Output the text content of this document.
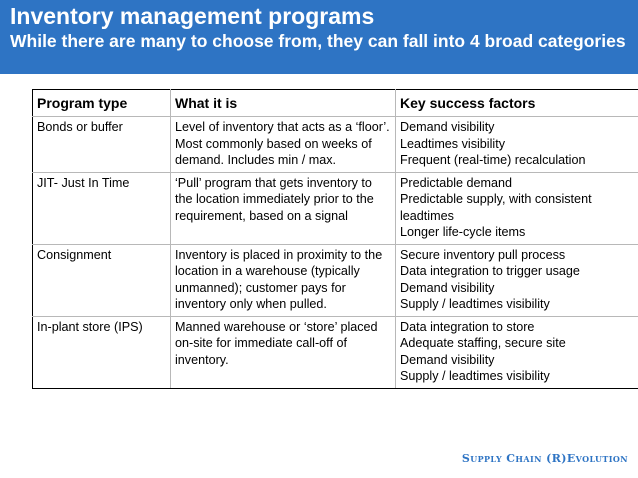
Inventory management programs
While there are many to choose from, they can fall into 4 broad categories
Program type	What it is	Key success factors
Bonds or buffer	Level of inventory that acts as a ‘floor’. Most commonly based on weeks of demand. Includes min / max.	Demand visibility
Leadtimes visibility
Frequent (real-time) recalculation

JIT- Just In Time	‘Pull’ program that gets inventory to the location immediately prior to the requirement, based on a signal	Predictable demand
Predictable supply, with consistent leadtimes
Longer life-cycle items

Consignment	Inventory is placed in proximity to the location in a warehouse (typically unmanned); customer pays for inventory only when pulled.	Secure inventory pull process
Data integration to trigger usage
Demand visibility
Supply / leadtimes visibility

In-plant store (IPS)	Manned warehouse or ‘store’ placed on-site for immediate call-off of inventory.	Data integration to store
Adequate staffing, secure site
Demand visibility
Supply / leadtimes visibility
Supply Chain (R)Evolution
